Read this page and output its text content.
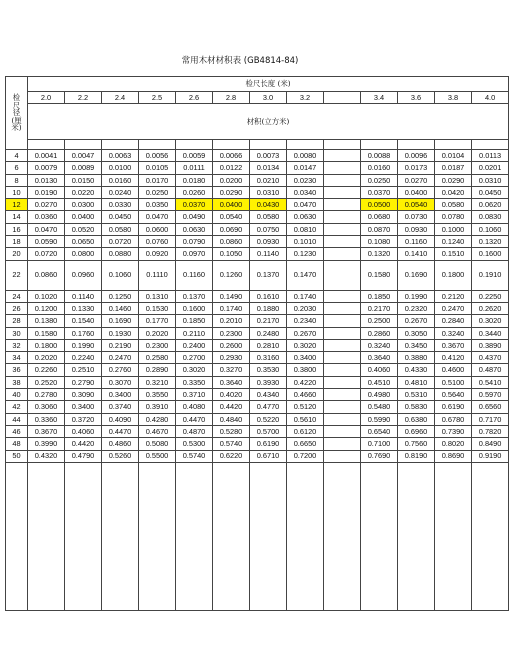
常用木材材积表 (GB4814-84)
检
尺
径
(厘
米)	检尺长度 (米)												
	2.0	2.2	2.4	2.5	2.6	2.8	3.0	3.2		3.4	3.6	3.8	4.0
	材积(立方米)												

4	0.0041	0.0047	0.0063	0.0056	0.0059	0.0066	0.0073	0.0080		0.0088	0.0096	0.0104	0.0113
6	0.0079	0.0089	0.0100	0.0105	0.0111	0.0122	0.0134	0.0147		0.0160	0.0173	0.0187	0.0201
8	0.0130	0.0150	0.0160	0.0170	0.0180	0.0200	0.0210	0.0230		0.0250	0.0270	0.0290	0.0310
10	0.0190	0.0220	0.0240	0.0250	0.0260	0.0290	0.0310	0.0340		0.0370	0.0400	0.0420	0.0450
12	0.0270	0.0300	0.0330	0.0350	0.0370	0.0400	0.0430	0.0470		0.0500	0.0540	0.0580	0.0620
14	0.0360	0.0400	0.0450	0.0470	0.0490	0.0540	0.0580	0.0630		0.0680	0.0730	0.0780	0.0830
16	0.0470	0.0520	0.0580	0.0600	0.0630	0.0690	0.0750	0.0810		0.0870	0.0930	0.1000	0.1060
18	0.0590	0.0650	0.0720	0.0760	0.0790	0.0860	0.0930	0.1010		0.1080	0.1160	0.1240	0.1320
20	0.0720	0.0800	0.0880	0.0920	0.0970	0.1050	0.1140	0.1230		0.1320	0.1410	0.1510	0.1600
22	0.0860	0.0960	0.1060	0.1110	0.1160	0.1260	0.1370	0.1470		0.1580	0.1690	0.1800	0.1910
24	0.1020	0.1140	0.1250	0.1310	0.1370	0.1490	0.1610	0.1740		0.1850	0.1990	0.2120	0.2250
26	0.1200	0.1330	0.1460	0.1530	0.1600	0.1740	0.1880	0.2030		0.2170	0.2320	0.2470	0.2620
28	0.1380	0.1540	0.1690	0.1770	0.1850	0.2010	0.2170	0.2340		0.2500	0.2670	0.2840	0.3020
30	0.1580	0.1760	0.1930	0.2020	0.2110	0.2300	0.2480	0.2670		0.2860	0.3050	0.3240	0.3440
32	0.1800	0.1990	0.2190	0.2300	0.2400	0.2600	0.2810	0.3020		0.3240	0.3450	0.3670	0.3890
34	0.2020	0.2240	0.2470	0.2580	0.2700	0.2930	0.3160	0.3400		0.3640	0.3880	0.4120	0.4370
36	0.2260	0.2510	0.2760	0.2890	0.3020	0.3270	0.3530	0.3800		0.4060	0.4330	0.4600	0.4870
38	0.2520	0.2790	0.3070	0.3210	0.3350	0.3640	0.3930	0.4220		0.4510	0.4810	0.5100	0.5410
40	0.2780	0.3090	0.3400	0.3550	0.3710	0.4020	0.4340	0.4660		0.4980	0.5310	0.5640	0.5970
42	0.3060	0.3400	0.3740	0.3910	0.4080	0.4420	0.4770	0.5120		0.5480	0.5830	0.6190	0.6560
44	0.3360	0.3720	0.4090	0.4280	0.4470	0.4840	0.5220	0.5610		0.5990	0.6380	0.6780	0.7170
46	0.3670	0.4060	0.4470	0.4670	0.4870	0.5280	0.5700	0.6120		0.6540	0.6960	0.7390	0.7820
48	0.3990	0.4420	0.4860	0.5080	0.5300	0.5740	0.6190	0.6650		0.7100	0.7560	0.8020	0.8490
50	0.4320	0.4790	0.5260	0.5500	0.5740	0.6220	0.6710	0.7200		0.7690	0.8190	0.8690	0.9190
